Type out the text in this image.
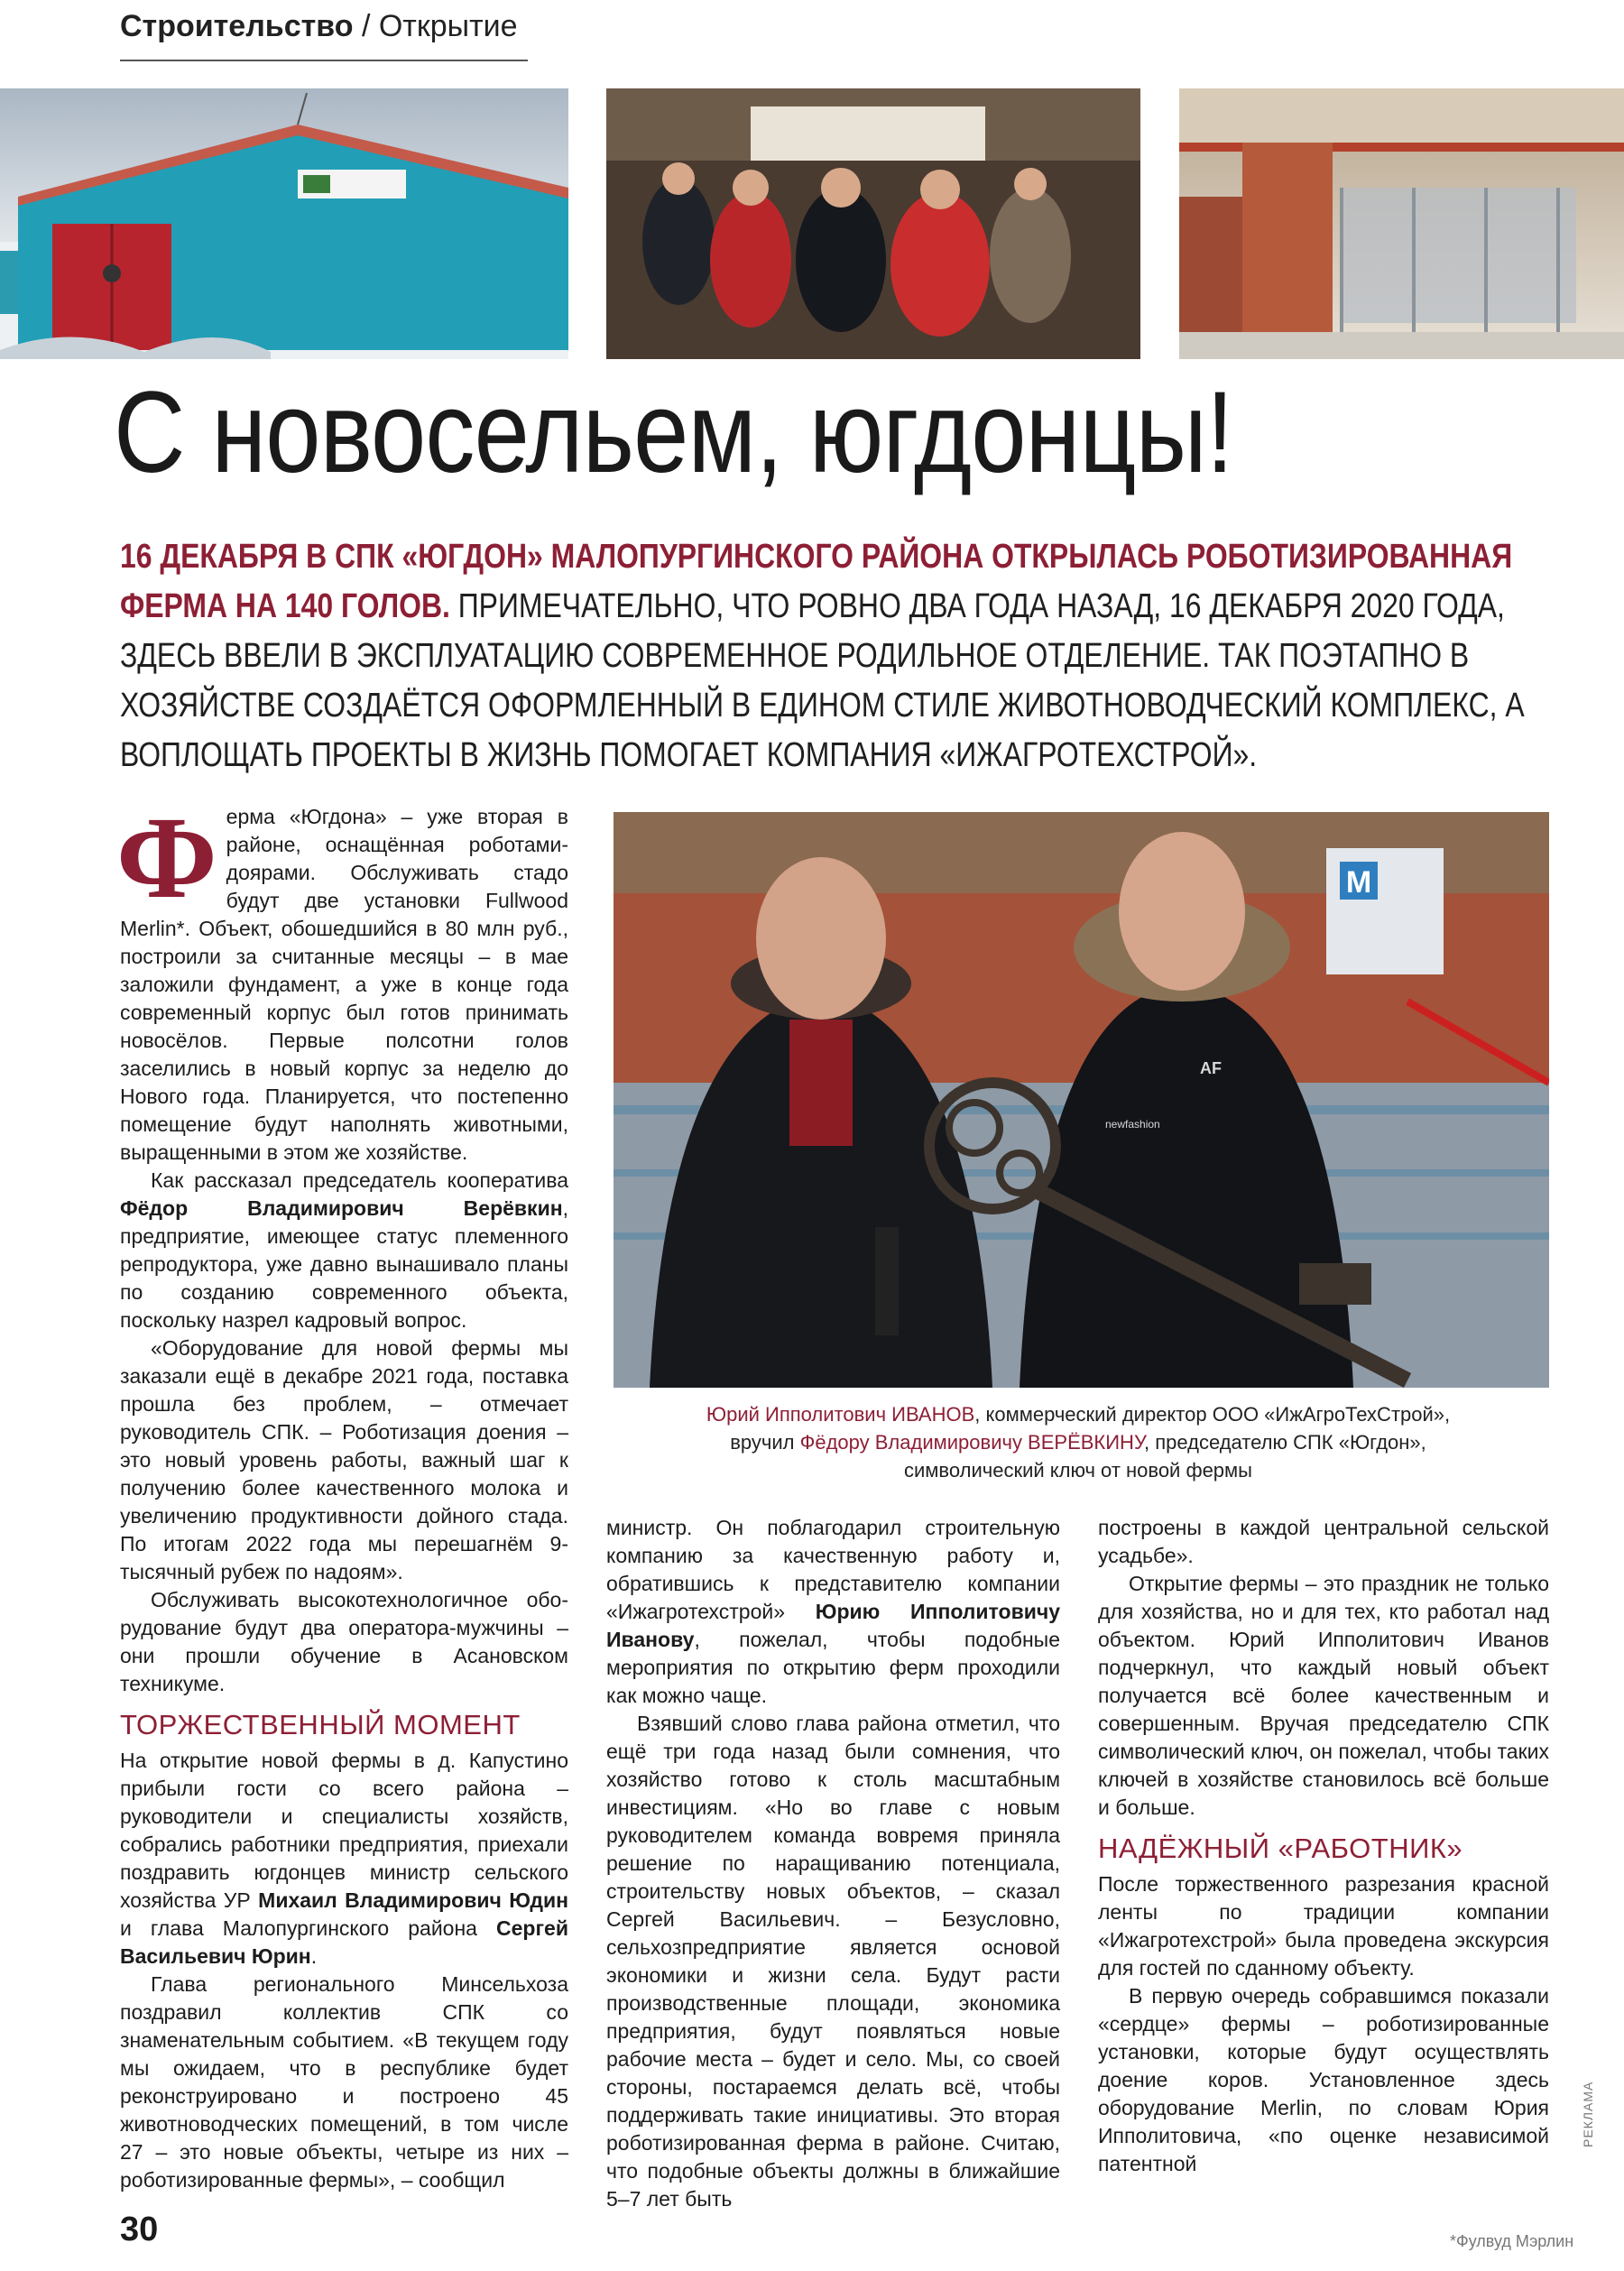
Строительство / Открытие
С новосельем, югдонцы!
16 ДЕКАБРЯ В СПК «ЮГДОН» МАЛОПУРГИНСКОГО РАЙОНА ОТКРЫЛАСЬ РОБОТИЗИРОВАННАЯ ФЕРМА НА 140 ГОЛОВ. ПРИМЕЧАТЕЛЬНО, ЧТО РОВНО ДВА ГОДА НАЗАД, 16 ДЕКАБРЯ 2020 ГОДА, ЗДЕСЬ ВВЕЛИ В ЭКСПЛУАТАЦИЮ СОВРЕМЕННОЕ РОДИЛЬНОЕ ОТДЕЛЕНИЕ. ТАК ПОЭТАПНО В ХОЗЯЙСТВЕ СОЗДАЁТСЯ ОФОРМЛЕННЫЙ В ЕДИНОМ СТИЛЕ ЖИВОТНОВОДЧЕСКИЙ КОМПЛЕКС, А ВОПЛОЩАТЬ ПРОЕКТЫ В ЖИЗНЬ ПОМОГАЕТ КОМПАНИЯ «ИЖАГРОТЕХСТРОЙ».

Ферма «Югдона» – уже вторая в районе, оснащённая роботами-доярами. Обслуживать стадо будут две установки Fullwood Merlin*. Объект, обошедшийся в 80 млн руб., построили за считанные месяцы – в мае заложили фундамент, а уже в конце года современный корпус был готов принимать новосёлов. Первые полсотни голов заселились в новый корпус за неделю до Нового года. Планируется, что постепенно помещение будут наполнять животными, выращенными в этом же хозяйстве.

Как рассказал председатель кооператива Фёдор Владимирович Верёвкин, предприятие, имеющее статус племенного репродуктора, уже давно вынашивало планы по созданию современного объекта, поскольку назрел кадровый вопрос.

«Оборудование для новой фермы мы заказали ещё в декабре 2021 года, поставка прошла без проблем, – отмечает руководитель СПК. – Роботизация доения – это новый уровень работы, важный шаг к получению более качественного молока и увеличению продуктивности дойного стада. По итогам 2022 года мы перешагнём 9-тысячный рубеж по надоям».

Обслуживать высокотехнологичное оборудование будут два оператора-мужчины – они прошли обучение в Асановском техникуме.

ТОРЖЕСТВЕННЫЙ МОМЕНТ

На открытие новой фермы в д. Капустино прибыли гости со всего района – руководители и специалисты хозяйств, собрались работники предприятия, приехали поздравить югдонцев министр сельского хозяйства УР Михаил Владимирович Юдин и глава Малопургинского района Сергей Васильевич Юрин.

Глава регионального Минсельхоза поздравил коллектив СПК со знаменательным событием. «В текущем году мы ожидаем, что в республике будет реконструировано и построено 45 животноводческих помещений, в том числе 27 – это новые объекты, четыре из них – роботизированные фермы», – сообщил

M
AF
newfashion
Юрий Ипполитович ИВАНОВ, коммерческий директор ООО «ИжАгроТехСтрой»,
вручил Фёдору Владимировичу ВЕРЁВКИНУ, председателю СПК «Югдон»,
символический ключ от новой фермы

министр. Он поблагодарил строительную компанию за качественную работу и, обратившись к представителю компании «Ижагротехстрой» Юрию Ипполитовичу Иванову, пожелал, чтобы подобные мероприятия по открытию ферм проходили как можно чаще.

Взявший слово глава района отметил, что ещё три года назад были сомнения, что хозяйство готово к столь масштабным инвестициям. «Но во главе с новым руководителем команда вовремя приняла решение по наращиванию потенциала, строительству новых объектов, – сказал Сергей Васильевич. – Безусловно, сельхозпредприятие является основой экономики и жизни села. Будут расти производственные площади, экономика предприятия, будут появляться новые рабочие места – будет и село. Мы, со своей стороны, постараемся делать всё, чтобы поддерживать такие инициативы. Это вторая роботизированная ферма в районе. Считаю, что подобные объекты должны в ближайшие 5–7 лет быть

построены в каждой центральной сельской усадьбе».

Открытие фермы – это праздник не только для хозяйства, но и для тех, кто работал над объектом. Юрий Ипполитович Иванов подчеркнул, что каждый новый объект получается всё более качественным и совершенным. Вручая председателю СПК символический ключ, он пожелал, чтобы таких ключей в хозяйстве становилось всё больше и больше.

НАДЁЖНЫЙ «РАБОТНИК»

После торжественного разрезания красной ленты по традиции компании «Ижагротехстрой» была проведена экскурсия для гостей по сданному объекту.

В первую очередь собравшимся показали «сердце» фермы – роботизированные установки, которые будут осуществлять доение коров. Установленное здесь оборудование Merlin, по словам Юрия Ипполитовича, «по оценке независимой патентной

30	*Фулвуд Мэрлин
РЕКЛАМА
